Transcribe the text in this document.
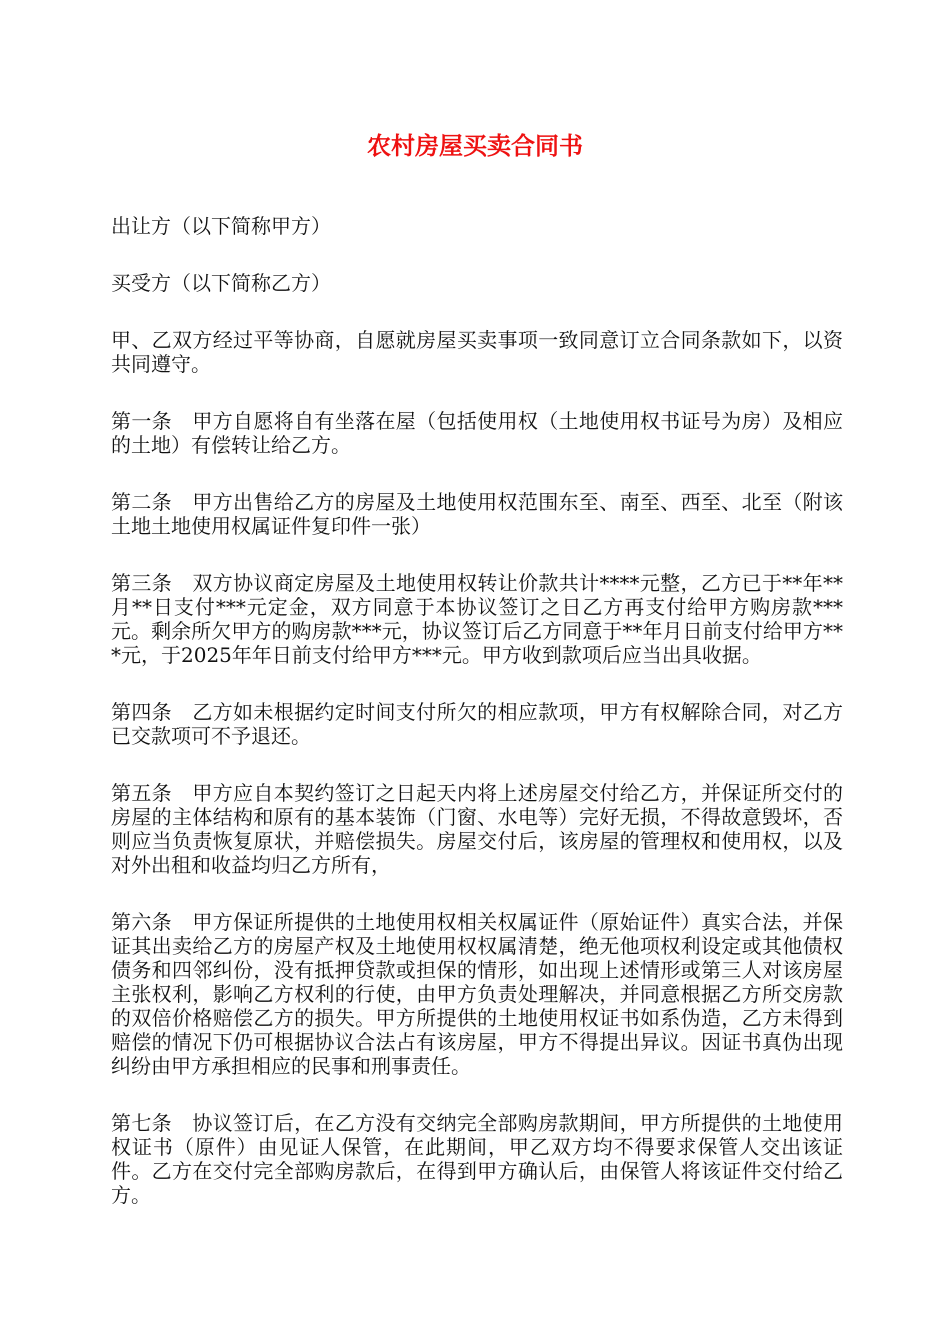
农村房屋买卖合同书

出让方（以下简称甲方）

买受方（以下简称乙方）

甲、乙双方经过平等协商，自愿就房屋买卖事项一致同意订立合同条款如下，以资共同遵守。

第一条　甲方自愿将自有坐落在屋（包括使用权（土地使用权书证号为房）及相应的土地）有偿转让给乙方。

第二条　甲方出售给乙方的房屋及土地使用权范围东至、南至、西至、北至（附该土地土地使用权属证件复印件一张）

第三条　双方协议商定房屋及土地使用权转让价款共计****元整，乙方已于**年**月**日支付***元定金，双方同意于本协议签订之日乙方再支付给甲方购房款***元。剩余所欠甲方的购房款***元，协议签订后乙方同意于**年月日前支付给甲方***元，于2025年年日前支付给甲方***元。甲方收到款项后应当出具收据。

第四条　乙方如未根据约定时间支付所欠的相应款项，甲方有权解除合同，对乙方已交款项可不予退还。

第五条　甲方应自本契约签订之日起天内将上述房屋交付给乙方，并保证所交付的房屋的主体结构和原有的基本装饰（门窗、水电等）完好无损，不得故意毁坏，否则应当负责恢复原状，并赔偿损失。房屋交付后，该房屋的管理权和使用权，以及对外出租和收益均归乙方所有，

第六条　甲方保证所提供的土地使用权相关权属证件（原始证件）真实合法，并保证其出卖给乙方的房屋产权及土地使用权权属清楚，绝无他项权利设定或其他债权债务和四邻纠份，没有抵押贷款或担保的情形，如出现上述情形或第三人对该房屋主张权利，影响乙方权利的行使，由甲方负责处理解决，并同意根据乙方所交房款的双倍价格赔偿乙方的损失。甲方所提供的土地使用权证书如系伪造，乙方未得到赔偿的情况下仍可根据协议合法占有该房屋，甲方不得提出异议。因证书真伪出现纠纷由甲方承担相应的民事和刑事责任。

第七条　协议签订后，在乙方没有交纳完全部购房款期间，甲方所提供的土地使用权证书（原件）由见证人保管，在此期间，甲乙双方均不得要求保管人交出该证件。乙方在交付完全部购房款后，在得到甲方确认后，由保管人将该证件交付给乙方。
